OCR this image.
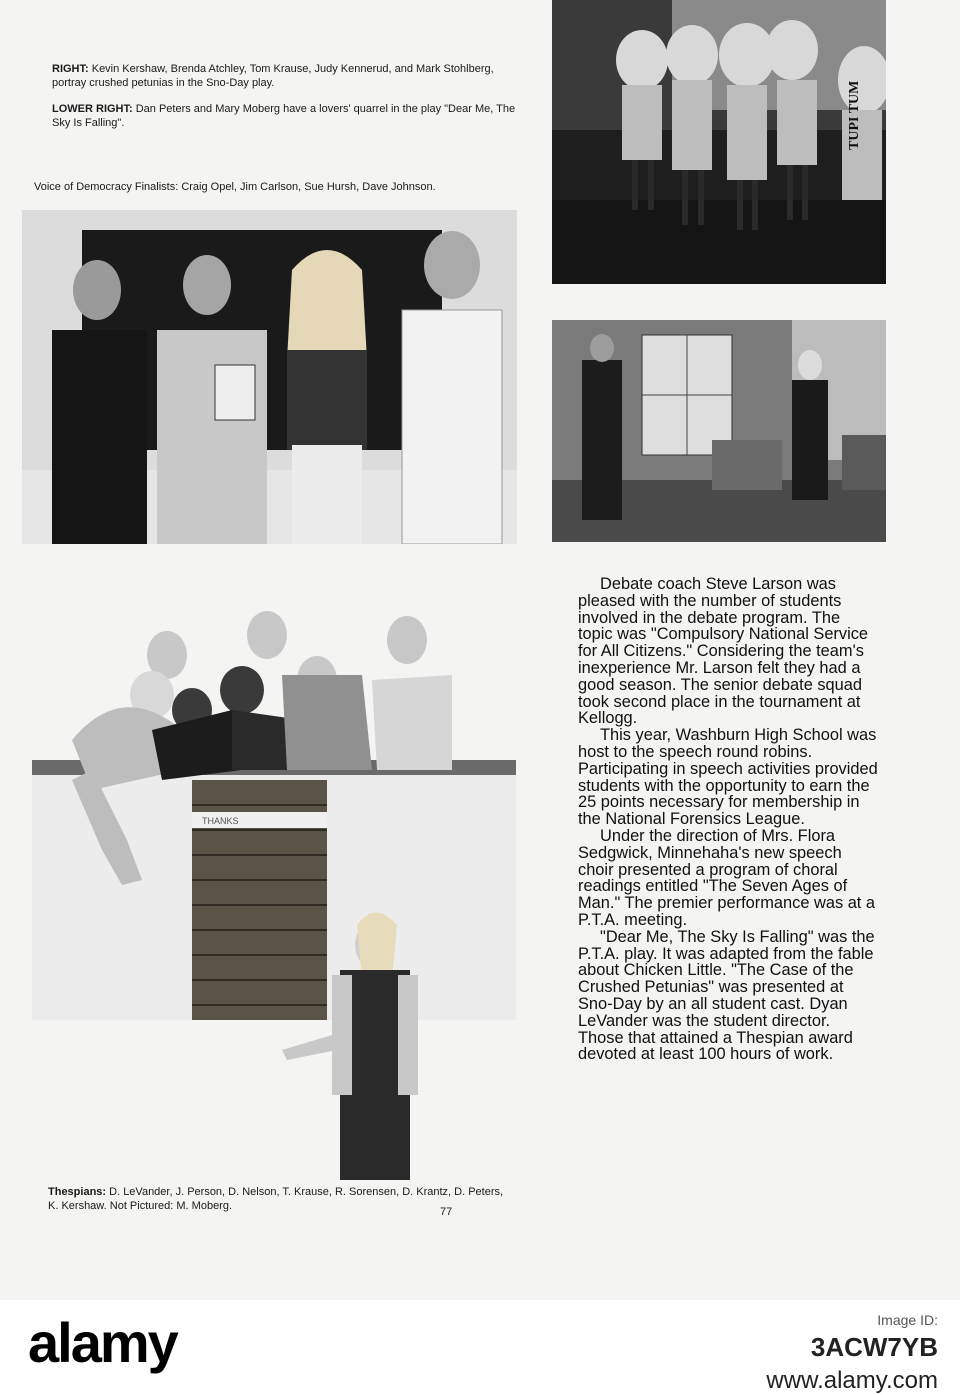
RIGHT: Kevin Kershaw, Brenda Atchley, Tom Krause, Judy Kennerud, and Mark Stohlberg, portray crushed petunias in the Sno-Day play.
LOWER RIGHT: Dan Peters and Mary Moberg have a lovers' quarrel in the play "Dear Me, The Sky Is Falling".
Voice of Democracy Finalists: Craig Opel, Jim Carlson, Sue Hursh, Dave Johnson.
TUPI TUM
THANKS

Debate coach Steve Larson was pleased with the number of students involved in the debate program. The topic was "Compulsory National Service for All Citizens." Considering the team's inexperience Mr. Larson felt they had a good season. The senior debate squad took second place in the tournament at Kellogg.

This year, Washburn High School was host to the speech round robins. Participating in speech activities provided students with the opportunity to earn the 25 points necessary for membership in the National Forensics League.

Under the direction of Mrs. Flora Sedgwick, Minnehaha's new speech choir presented a program of choral readings entitled "The Seven Ages of Man." The premier performance was at a P.T.A. meeting.

"Dear Me, The Sky Is Falling" was the P.T.A. play. It was adapted from the fable about Chicken Little. "The Case of the Crushed Petunias" was presented at Sno-Day by an all student cast. Dyan LeVander was the student director. Those that attained a Thespian award devoted at least 100 hours of work.

Thespians: D. LeVander, J. Person, D. Nelson, T. Krause, R. Sorensen, D. Krantz, D. Peters, K. Kershaw. Not Pictured: M. Moberg.	77
alamy	Image ID:
3ACW7YB
www.alamy.com
